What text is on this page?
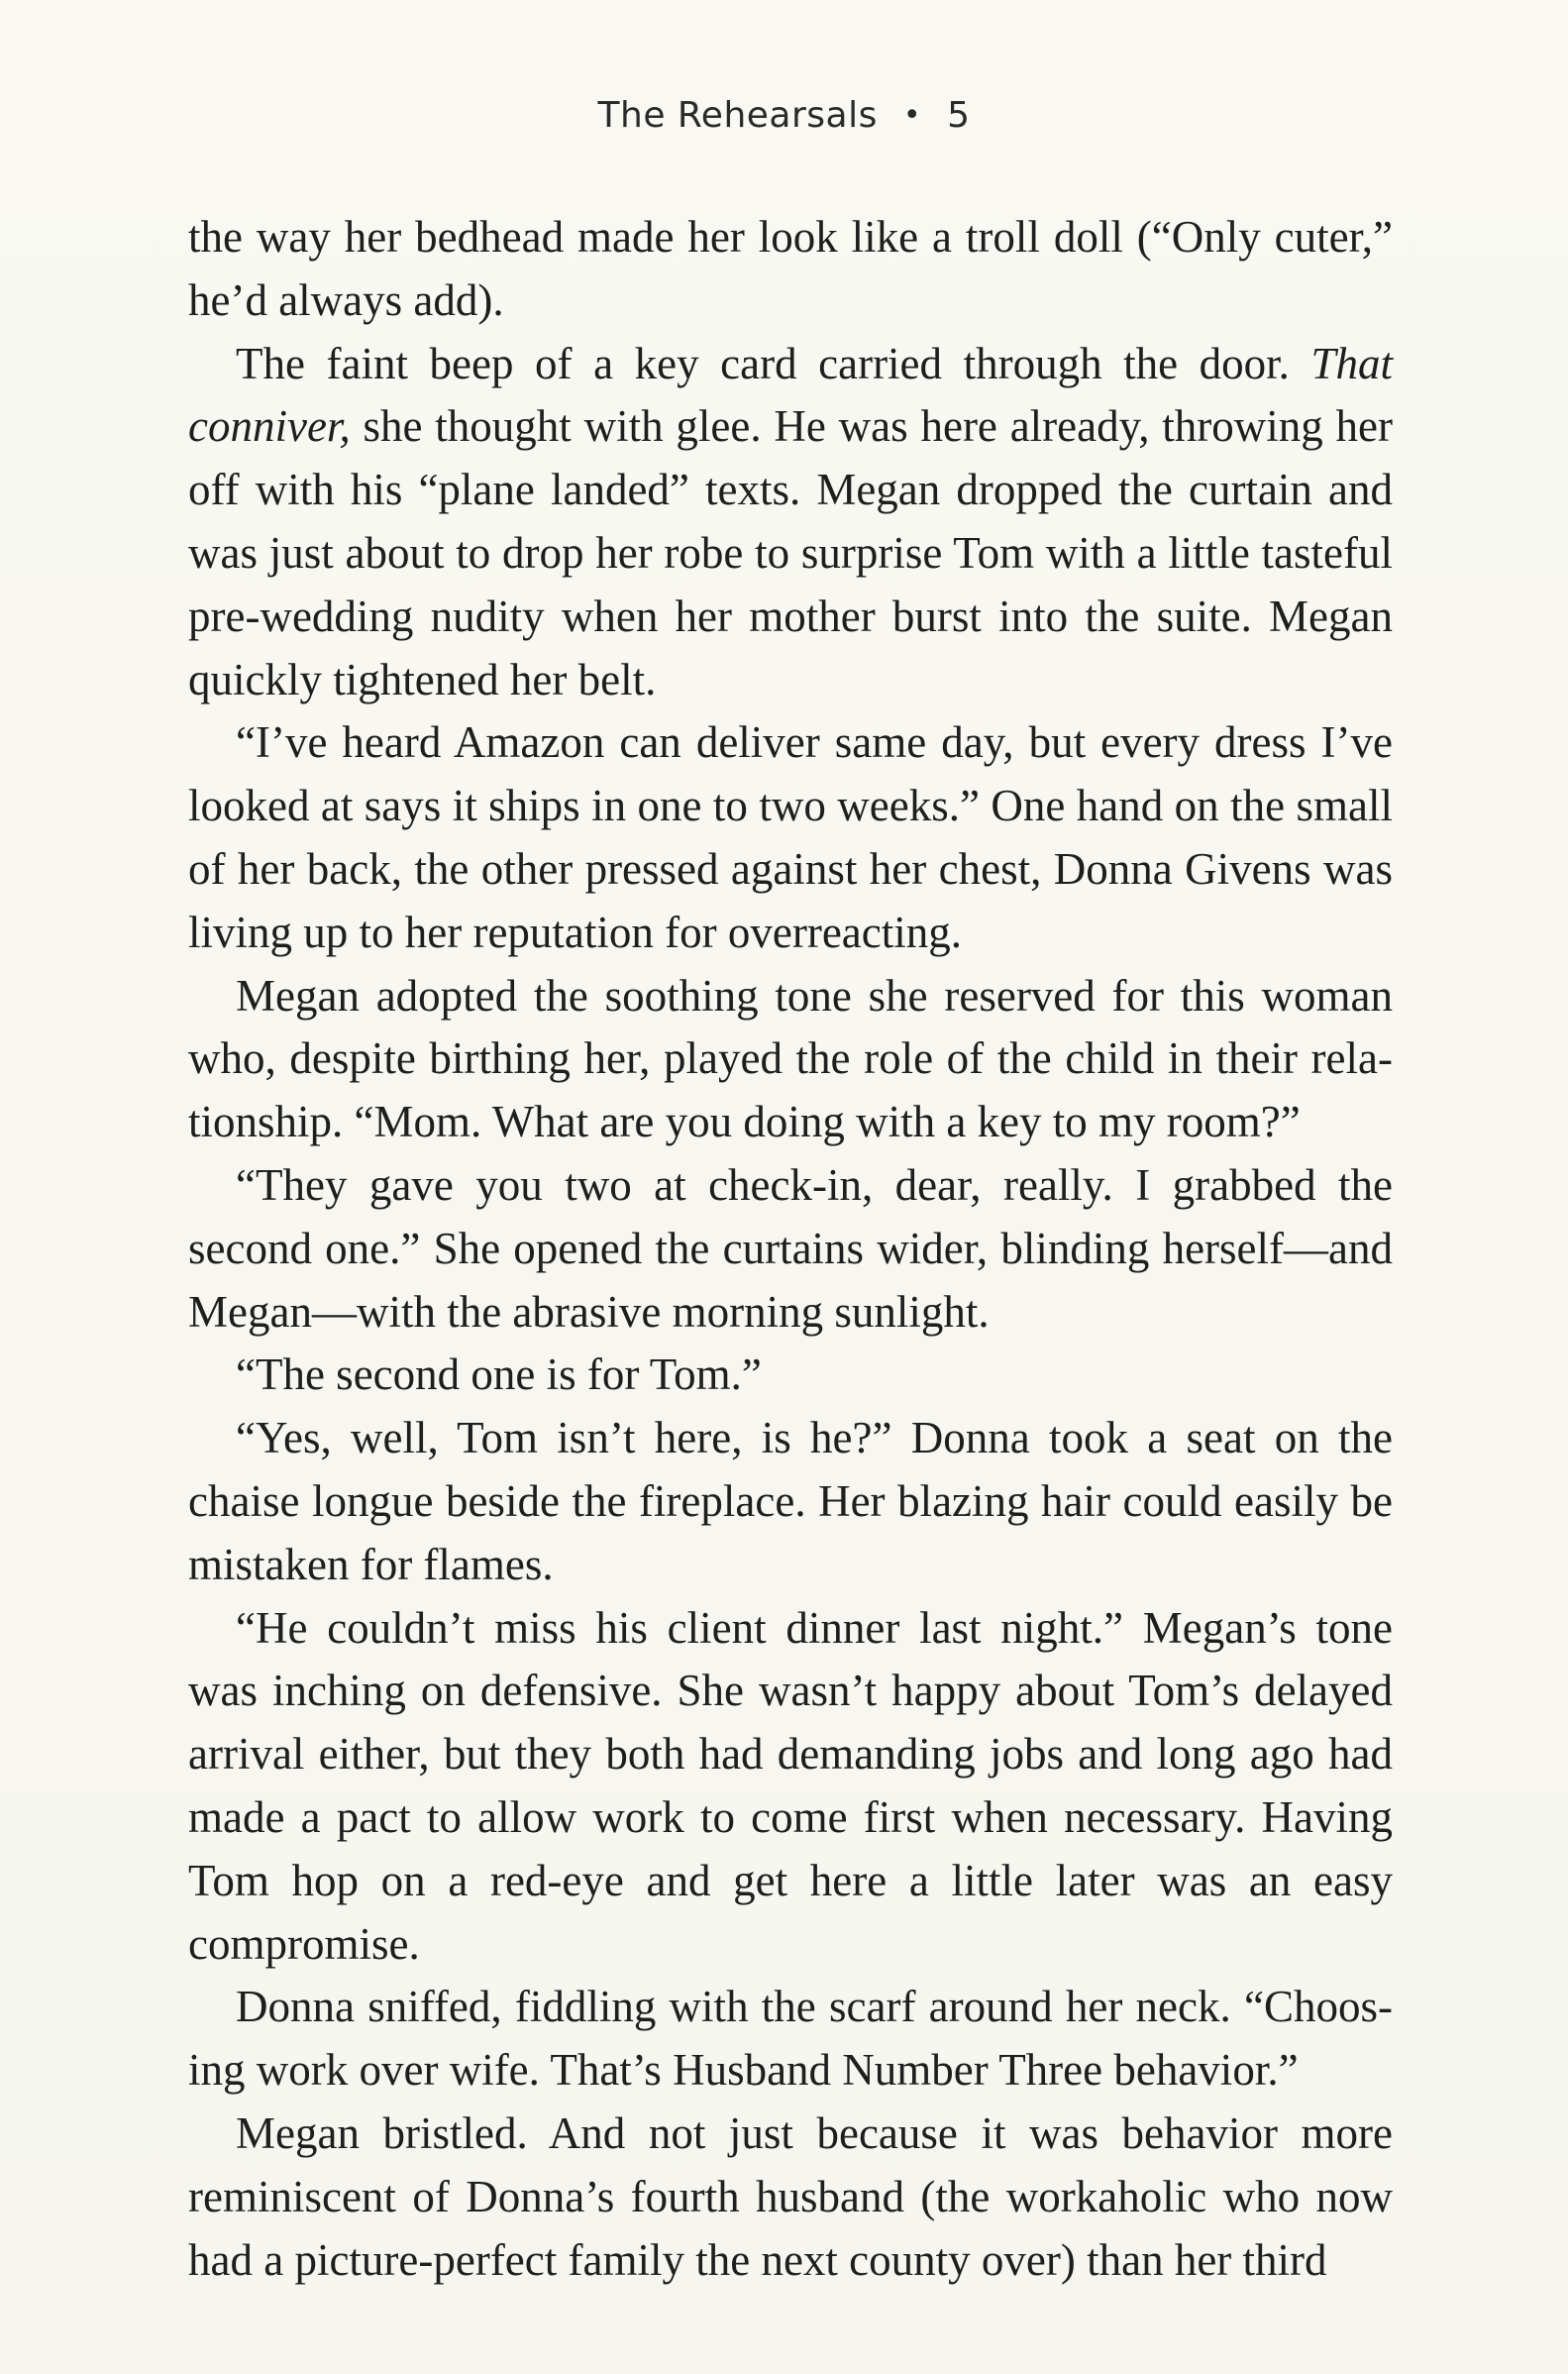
The Rehearsals • 5

the way her bedhead made her look like a troll doll (“Only cuter,” he’d always add).

The faint beep of a key card carried through the door. That conniver, she thought with glee. He was here already, throwing her off with his “plane landed” texts. Megan dropped the curtain and was just about to drop her robe to surprise Tom with a little tasteful pre-wedding nudity when her mother burst into the suite. Megan quickly tightened her belt.

“I’ve heard Amazon can deliver same day, but every dress I’ve looked at says it ships in one to two weeks.” One hand on the small of her back, the other pressed against her chest, Donna Givens was living up to her reputation for overreacting.

Megan adopted the soothing tone she reserved for this woman who, despite birthing her, played the role of the child in their relationship. “Mom. What are you doing with a key to my room?”

“They gave you two at check-in, dear, really. I grabbed the second one.” She opened the curtains wider, blinding herself—and Megan—with the abrasive morning sunlight.

“The second one is for Tom.”

“Yes, well, Tom isn’t here, is he?” Donna took a seat on the chaise longue beside the fireplace. Her blazing hair could easily be mistaken for flames.

“He couldn’t miss his client dinner last night.” Megan’s tone was inching on defensive. She wasn’t happy about Tom’s delayed arrival either, but they both had demanding jobs and long ago had made a pact to allow work to come first when necessary. Having Tom hop on a red-eye and get here a little later was an easy compromise.

Donna sniffed, fiddling with the scarf around her neck. “Choosing work over wife. That’s Husband Number Three behavior.”

Megan bristled. And not just because it was behavior more reminiscent of Donna’s fourth husband (the workaholic who now had a picture-perfect family the next county over) than her third
